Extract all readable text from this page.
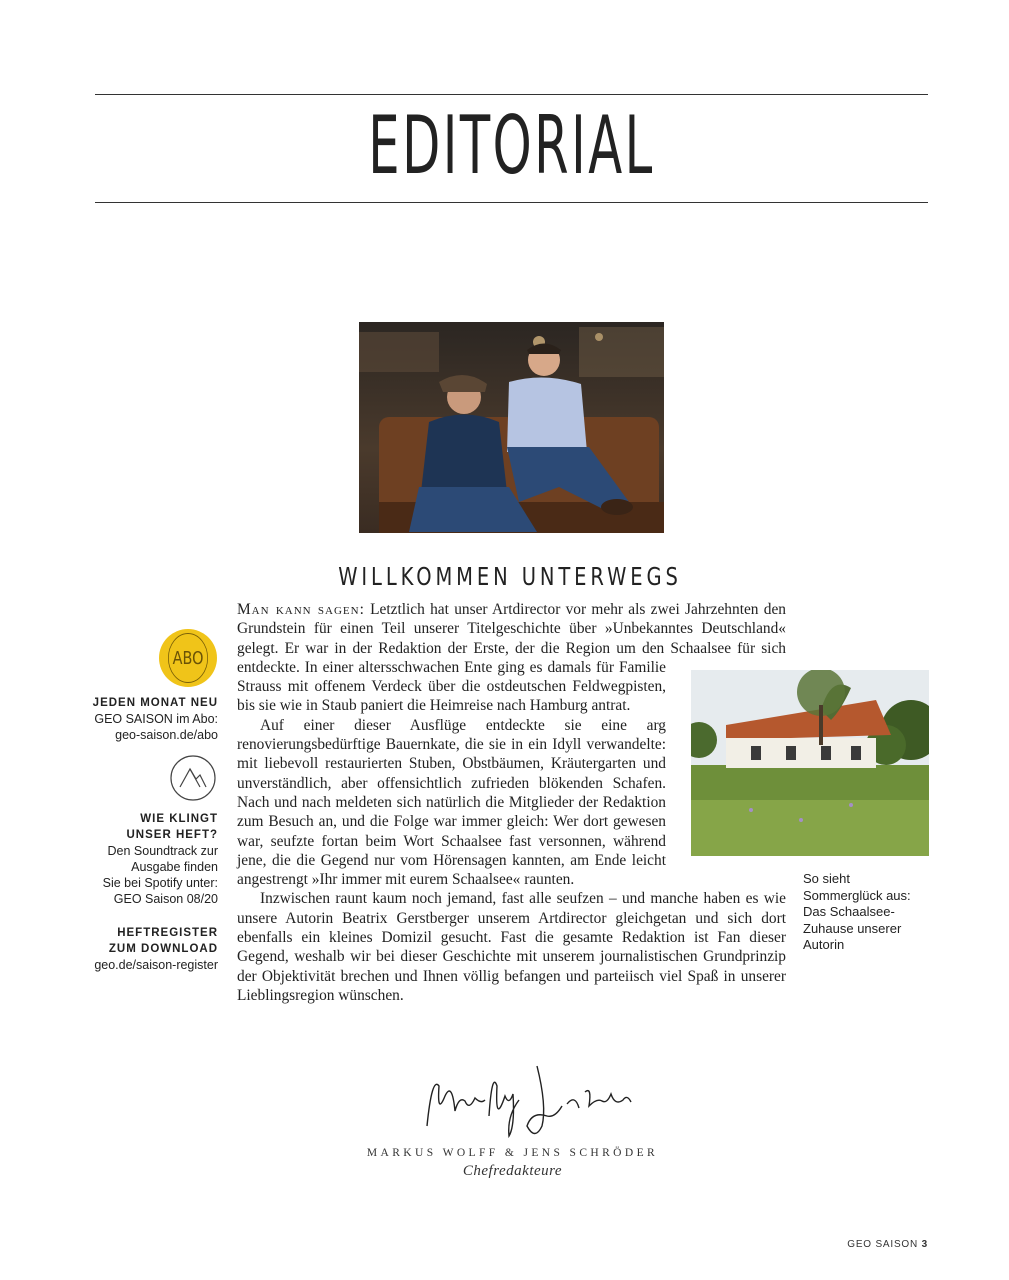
EDITORIAL
WILLKOMMEN UNTERWEGS
ABO
JEDEN MONAT NEU
GEO SAISON im Abo:
geo-saison.de/abo
WIE KLINGT
UNSER HEFT?
Den Soundtrack zur
Ausgabe finden
Sie bei Spotify unter:
GEO Saison 08/20
HEFTREGISTER
ZUM DOWNLOAD
geo.de/saison-register

Man kann sagen: Letztlich hat unser Artdirector vor mehr als zwei Jahrzehnten den Grundstein für einen Teil unserer Titelgeschichte über »Unbekanntes Deutschland« gelegt. Er war in der Redaktion der Erste, der die Region um den Schaalsee für sich entdeckte. In einer altersschwachen Ente ging es damals für Familie Strauss mit offenem Verdeck über die ostdeutschen Feldwegpisten, bis sie wie in Staub paniert die Heimreise nach Hamburg antrat.

Auf einer dieser Ausflüge entdeckte sie eine arg renovierungsbedürftige Bauernkate, die sie in ein Idyll verwandelte: mit liebevoll restaurierten Stuben, Obstbäumen, Kräutergarten und unverständlich, aber offensichtlich zufrieden blökenden Schafen. Nach und nach meldeten sich natürlich die Mitglieder der Redaktion zum Besuch an, und die Folge war immer gleich: Wer dort gewesen war, seufzte fortan beim Wort Schaalsee fast versonnen, während jene, die die Gegend nur vom Hörensagen kannten, am Ende leicht angestrengt »Ihr immer mit eurem Schaalsee« raunten.

Inzwischen raunt kaum noch jemand, fast alle seufzen – und manche haben es wie unsere Autorin Beatrix Gerstberger unserem Artdirector gleichgetan und sich dort ebenfalls ein kleines Domizil gesucht. Fast die gesamte Redaktion ist Fan dieser Gegend, weshalb wir bei dieser Geschichte mit unserem journalistischen Grundprinzip der Objektivität brechen und Ihnen völlig befangen und parteiisch viel Spaß in unserer Lieblingsregion wünschen.

So sieht Sommerglück aus: Das Schaalsee-Zuhause unserer Autorin
MARKUS WOLFF & JENS SCHRÖDER
Chefredakteure
GEO SAISON 3
